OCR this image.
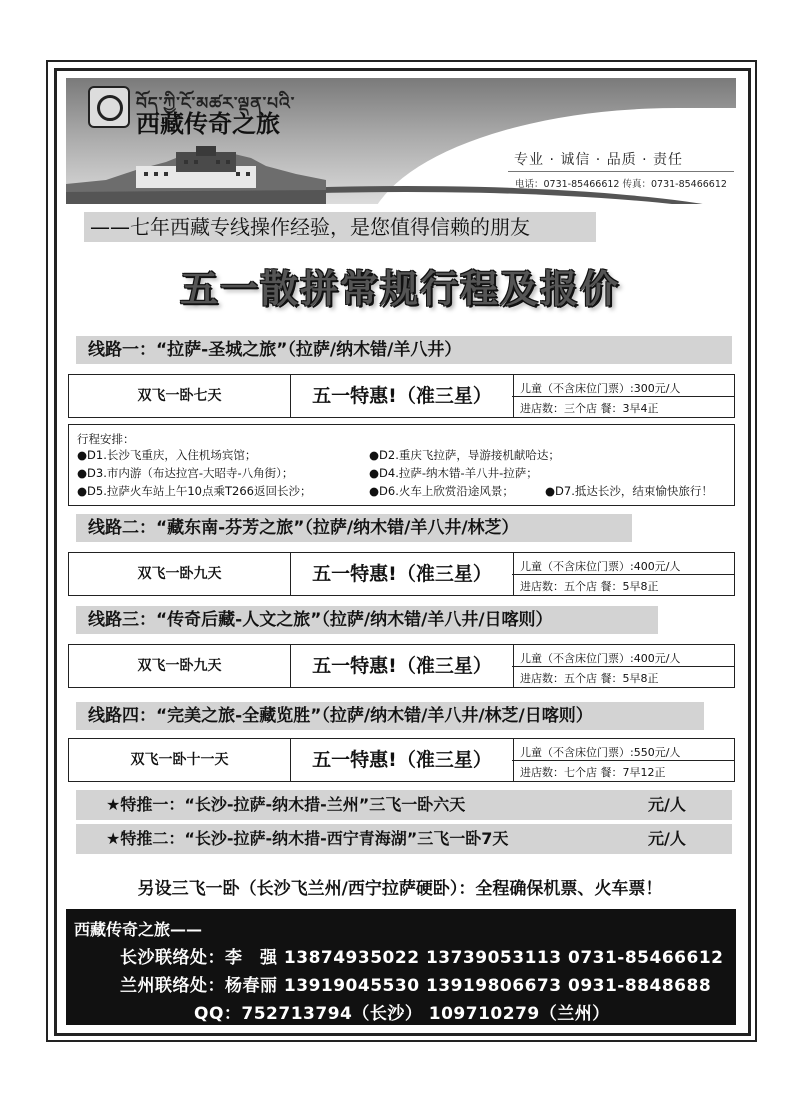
བོད་ཀྱི་ངོ་མཚར་ལྡན་པའི་
西藏传奇之旅
专业 · 诚信 · 品质 · 责任
电话：0731-85466612 传真：0731-85466612
——七年西藏专线操作经验，是您值得信赖的朋友
五一散拼常规行程及报价
线路一：“拉萨-圣城之旅”（拉萨/纳木错/羊八井）
双飞一卧七天	五一特惠!（准三星）	儿童（不含床位门票）:300元/人
进店数：三个店 餐：3早4正
行程安排：
●D1.长沙飞重庆，入住机场宾馆；	●D2.重庆飞拉萨，导游接机献哈达；
●D3.市内游（布达拉宫-大昭寺-八角街）；	●D4.拉萨-纳木错-羊八井-拉萨；
●D5.拉萨火车站上午10点乘T266返回长沙；	●D6.火车上欣赏沿途风景；	●D7.抵达长沙，结束愉快旅行！
线路二：“藏东南-芬芳之旅”（拉萨/纳木错/羊八井/林芝）
双飞一卧九天	五一特惠!（准三星）	儿童（不含床位门票）:400元/人
进店数：五个店 餐：5早8正
线路三：“传奇后藏-人文之旅”（拉萨/纳木错/羊八井/日喀则）
双飞一卧九天	五一特惠!（准三星）	儿童（不含床位门票）:400元/人
进店数：五个店 餐：5早8正
线路四：“完美之旅-全藏览胜”（拉萨/纳木错/羊八井/林芝/日喀则）
双飞一卧十一天	五一特惠!（准三星）	儿童（不含床位门票）:550元/人
进店数：七个店 餐：7早12正
★特推一：“长沙-拉萨-纳木措-兰州”三飞一卧六天	元/人
★特推二：“长沙-拉萨-纳木措-西宁青海湖”三飞一卧7天	元/人
另设三飞一卧（长沙飞兰州/西宁拉萨硬卧）：全程确保机票、火车票！
西藏传奇之旅——
长沙联络处：李　强 13874935022 13739053113 0731-85466612
兰州联络处：杨春丽 13919045530 13919806673 0931-8848688
QQ：752713794（长沙） 109710279（兰州）
